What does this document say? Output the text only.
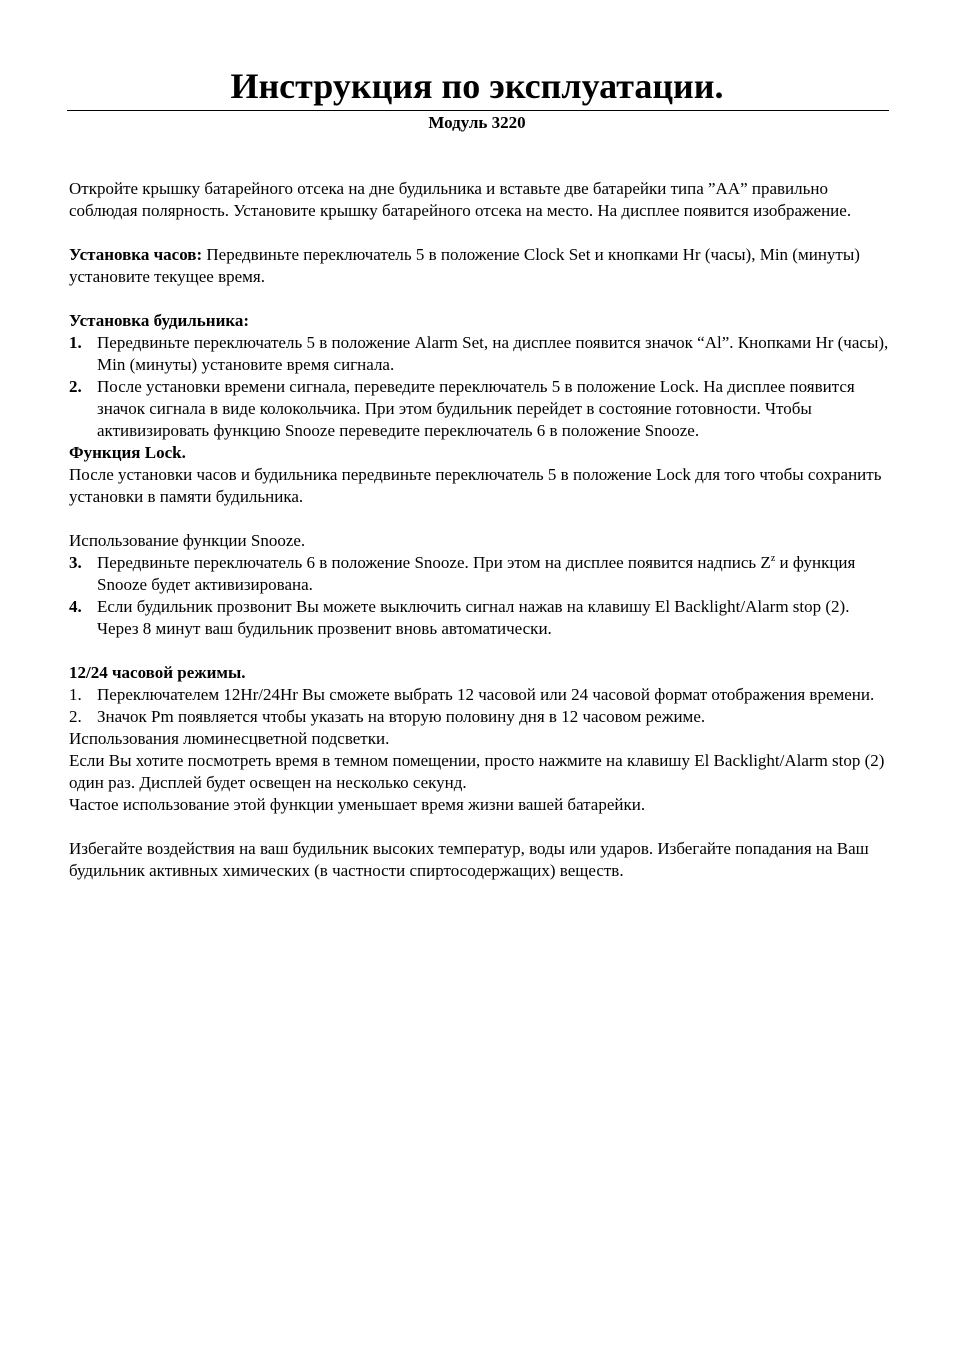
Инструкция по эксплуатации.
Модуль 3220

Откройте крышку батарейного отсека на дне будильника и вставьте две батарейки типа ”AA” правильно соблюдая полярность. Установите крышку батарейного отсека на место. На дисплее появится изображение.

Установка часов: Передвиньте переключатель 5 в положение Clock Set и кнопками Hr (часы), Min (минуты) установите текущее время.

Установка будильника:

1. Передвиньте переключатель 5 в положение Alarm Set, на дисплее появится значок “Al”. Кнопками Hr (часы), Min (минуты) установите время сигнала.
2. После установки времени сигнала, переведите переключатель 5 в положение Lock. На дисплее появится значок сигнала в виде колокольчика. При этом будильник перейдет в состояние готовности. Чтобы активизировать функцию Snooze переведите переключатель 6 в положение Snooze.

Функция Lock.

После установки часов и будильника передвиньте переключатель 5 в положение Lock для того чтобы сохранить установки в памяти будильника.

Использование функции Snooze.

3. Передвиньте переключатель 6 в положение Snooze. При этом на дисплее появится надпись $Z^z$ и функция Snooze будет активизирована.
4. Если будильник прозвонит Вы можете выключить сигнал нажав на клавишу El Backlight/Alarm stop (2). Через 8 минут ваш будильник прозвенит вновь автоматически.

12/24 часовой режимы.

1. Переключателем 12Hr/24Hr Вы сможете выбрать 12 часовой или 24 часовой формат отображения времени.
2. Значок Pm появляется чтобы указать на вторую половину дня в 12 часовом режиме.

Использования люминесцветной подсветки.

Если Вы хотите посмотреть время в темном помещении, просто нажмите на клавишу El Backlight/Alarm stop (2) один раз. Дисплей будет освещен на несколько секунд.

Частое использование этой функции уменьшает время жизни вашей батарейки.

Избегайте воздействия на ваш будильник высоких температур, воды или ударов. Избегайте попадания на Ваш будильник активных химических (в частности спиртосодержащих) веществ.
